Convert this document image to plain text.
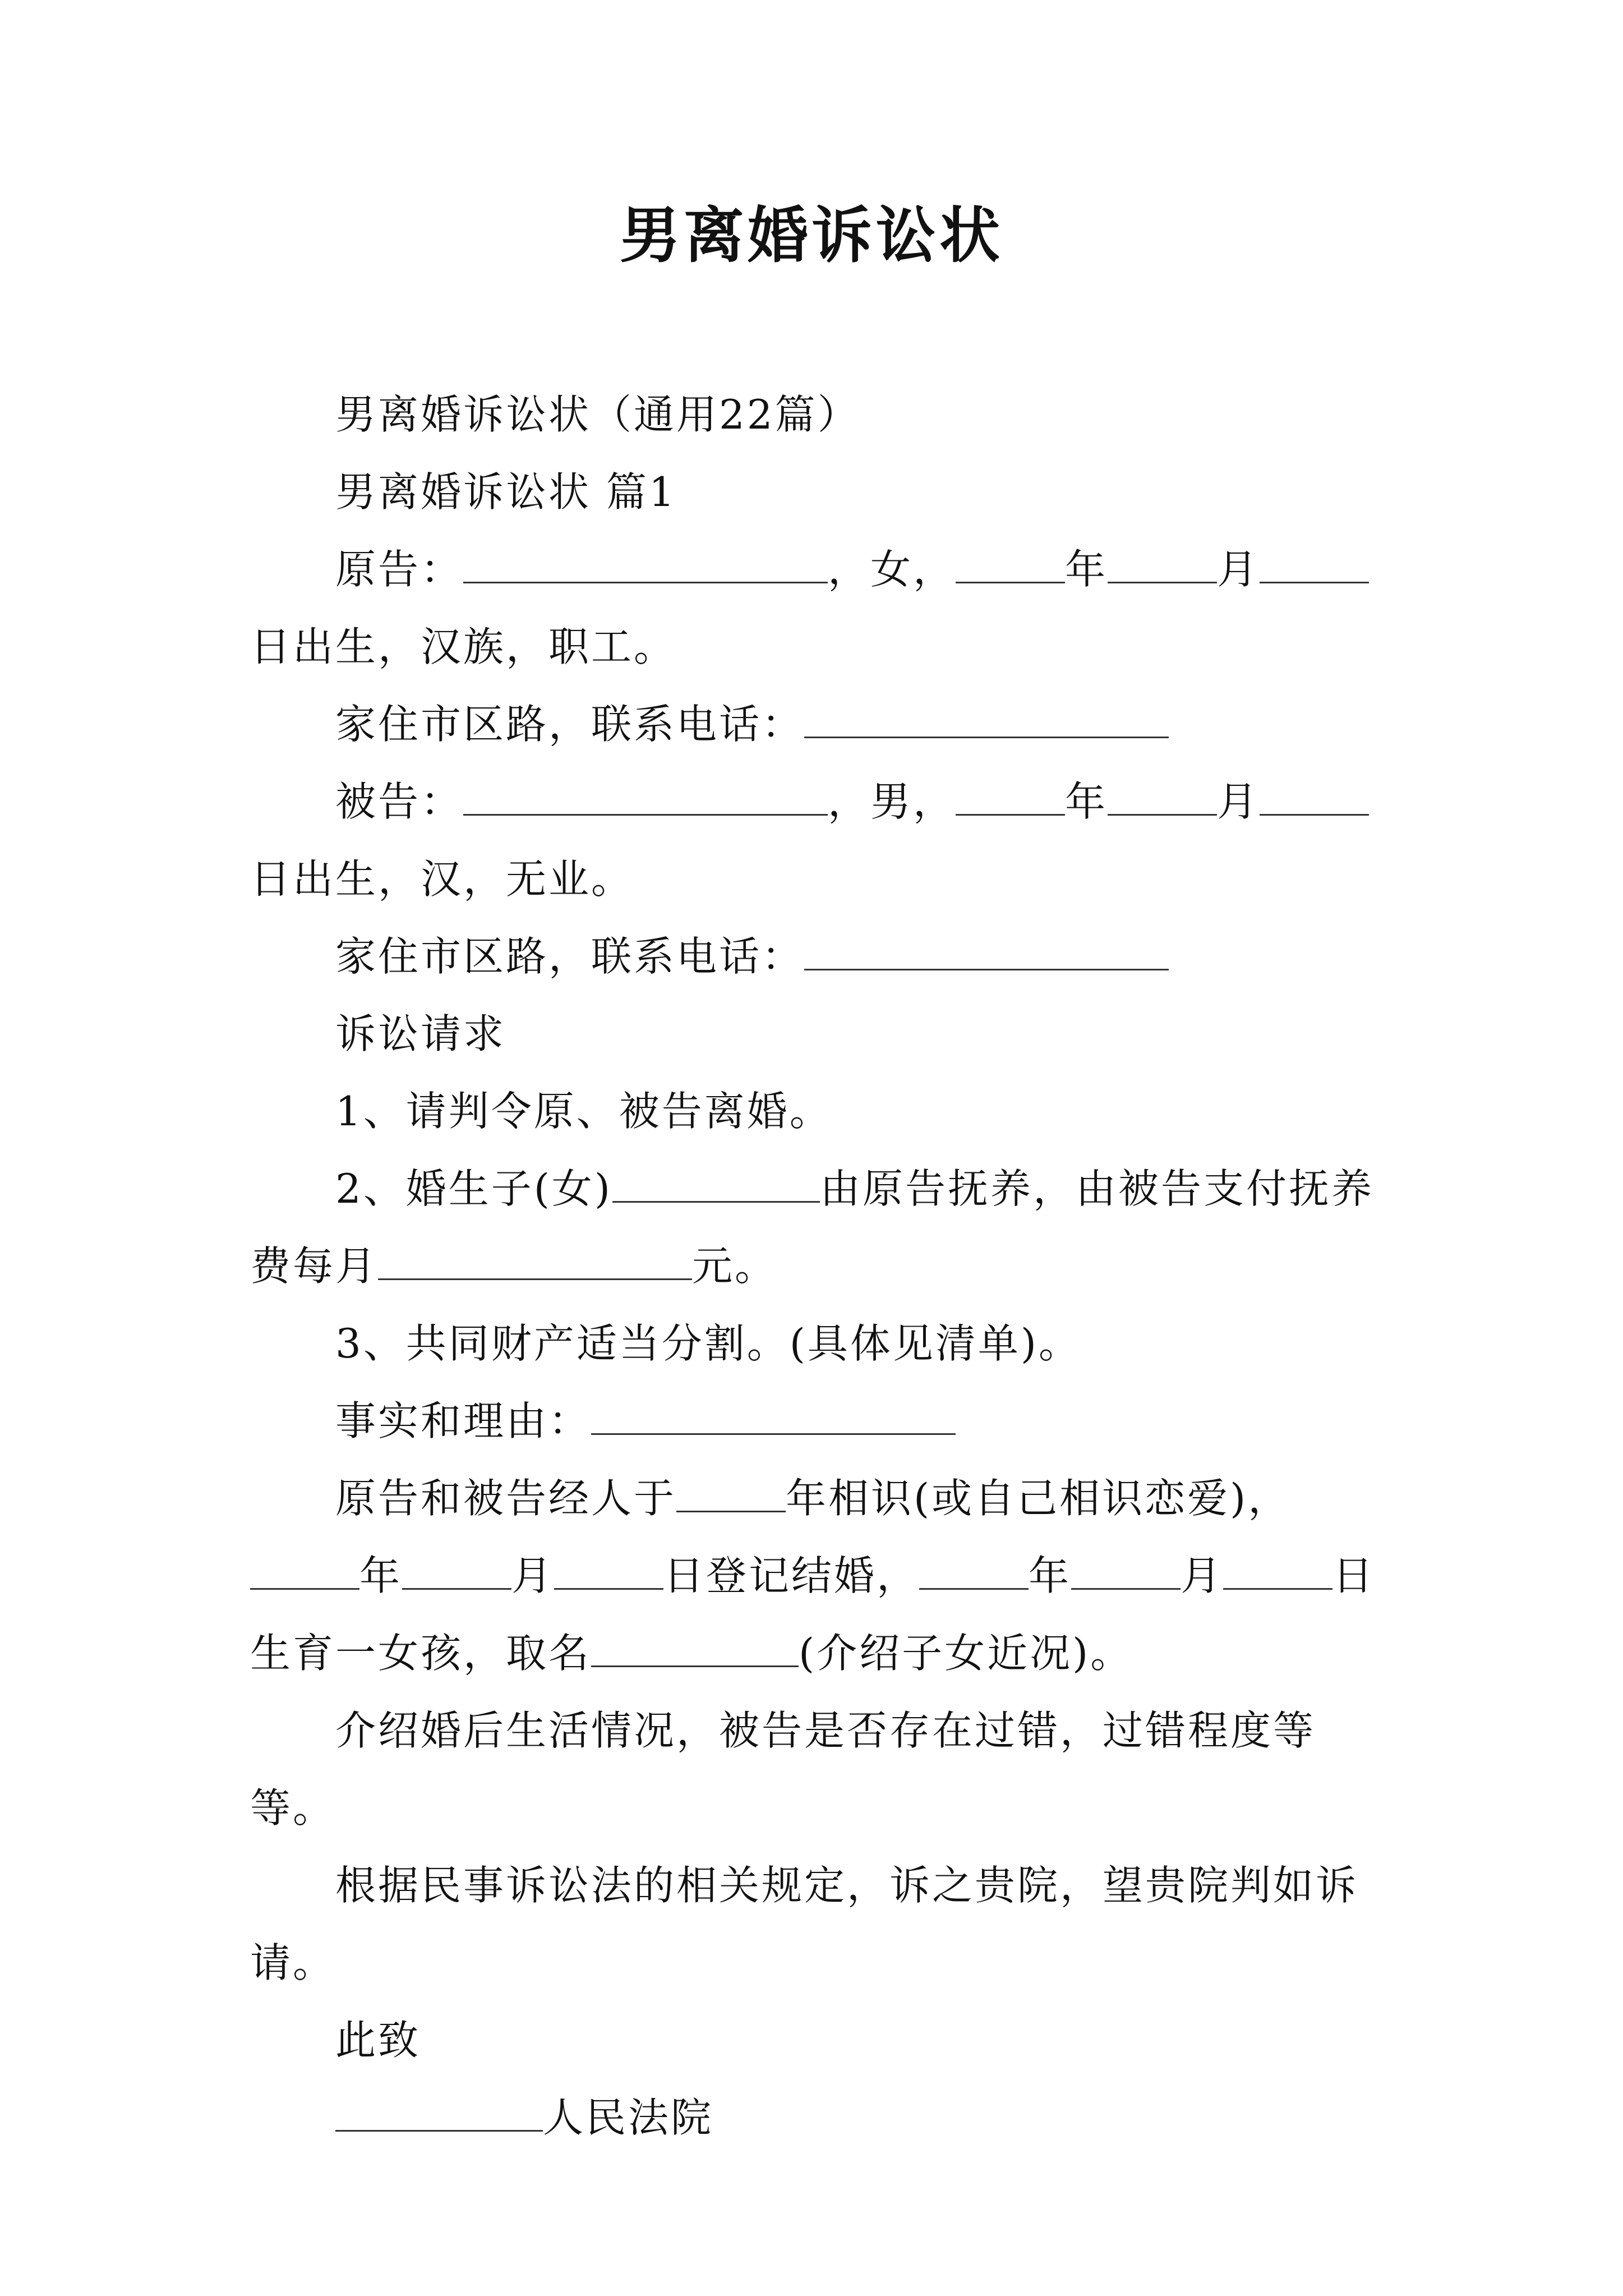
男离婚诉讼状

男离婚诉讼状（通用22篇）

男离婚诉讼状 篇1

原告：	，女，	年	月日出生，汉族，职工。

家住市区路，联系电话：

被告：	，男，	年	月日出生，汉，无业。

家住市区路，联系电话：

诉讼请求

1、请判令原、被告离婚。

2、婚生子(女)	由原告抚养，由被告支付抚养费每月	元。

3、共同财产适当分割。(具体见清单)。

事实和理由：

原告和被告经人于	年相识(或自己相识恋爱)，年	月	日登记结婚，	年	月	日生育一女孩，取名	(介绍子女近况)。

介绍婚后生活情况，被告是否存在过错，过错程度等等。

根据民事诉讼法的相关规定，诉之贵院，望贵院判如诉请。

此致

人民法院
